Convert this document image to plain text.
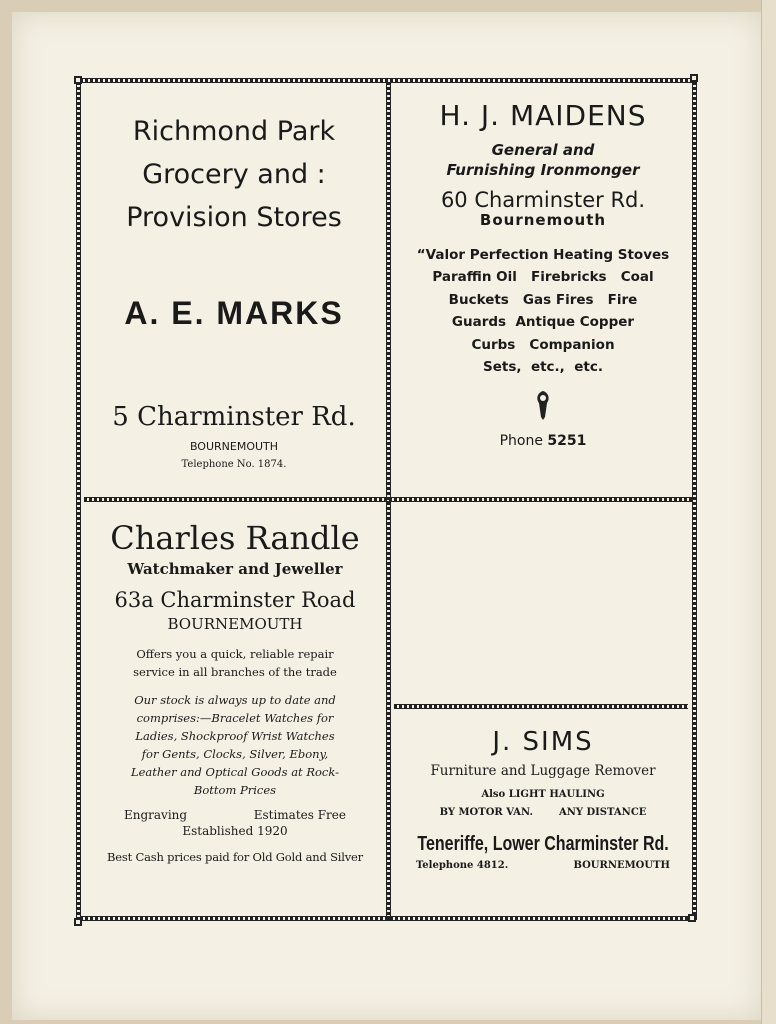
Richmond Park
Grocery and :
Provision Stores
A. E. MARKS
5 Charminster Rd.
BOURNEMOUTH
Telephone No. 1874.
H. J. MAIDENS
General and
Furnishing Ironmonger
60 Charminster Rd.
Bournemouth
“Valor Perfection Heating Stoves
Paraffin Oil   Firebricks   Coal
Buckets   Gas Fires   Fire
Guards  Antique Copper
Curbs   Companion
Sets,  etc.,  etc.
Phone 5251
Charles Randle
Watchmaker and Jeweller
63a Charminster Road
BOURNEMOUTH
Offers you a quick, reliable repair
service in all branches of the trade
Our stock is always up to date and
comprises:—Bracelet Watches for
Ladies, Shockproof Wrist Watches
for Gents, Clocks, Silver, Ebony,
Leather and Optical Goods at Rock-
Bottom Prices
Engraving	Estimates Free
Established 1920
Best Cash prices paid for Old Gold and Silver
J. SIMS
Furniture and Luggage Remover
Also LIGHT HAULING
BY MOTOR VAN.	ANY DISTANCE
Teneriffe, Lower Charminster Rd.
Telephone 4812.	BOURNEMOUTH
